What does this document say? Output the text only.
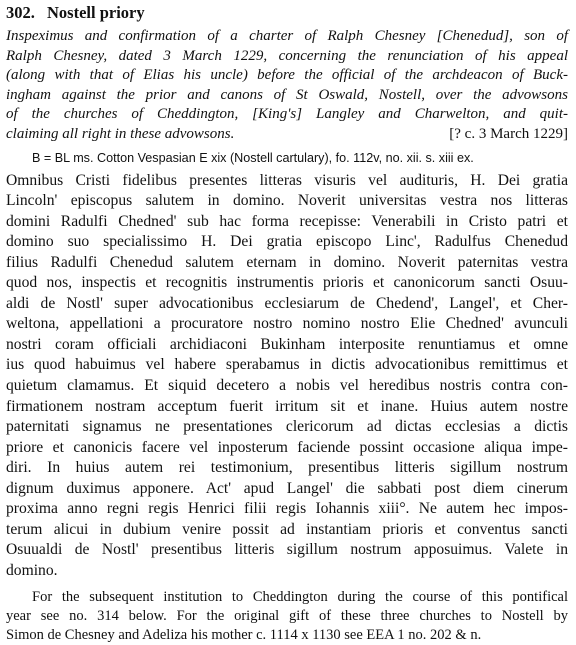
302. Nostell priory
Inspeximus and confirmation of a charter of Ralph Chesney [Chenedud], son of
Ralph Chesney, dated 3 March 1229, concerning the renunciation of his appeal
(along with that of Elias his uncle) before the official of the archdeacon of Buck-
ingham against the prior and canons of St Oswald, Nostell, over the advowsons
of the churches of Cheddington, [King's] Langley and Charwelton, and quit-
claiming all right in these advowsons.	[? c. 3 March 1229]
B = BL ms. Cotton Vespasian E xix (Nostell cartulary), fo. 112v, no. xii. s. xiii ex.
Omnibus Cristi fidelibus presentes litteras visuris vel audituris, H. Dei gratia
Lincoln' episcopus salutem in domino. Noverit universitas vestra nos litteras
domini Radulfi Chedned' sub hac forma recepisse: Venerabili in Cristo patri et
domino suo specialissimo H. Dei gratia episcopo Linc', Radulfus Chenedud
filius Radulfi Chenedud salutem eternam in domino. Noverit paternitas vestra
quod nos, inspectis et recognitis instrumentis prioris et canonicorum sancti Osuu-
aldi de Nostl' super advocationibus ecclesiarum de Chedend', Langel', et Cher-
weltona, appellationi a procuratore nostro nomino nostro Elie Chedned' avunculi
nostri coram officiali archidiaconi Bukinham interposite renuntiamus et omne
ius quod habuimus vel habere sperabamus in dictis advocationibus remittimus et
quietum clamamus. Et siquid decetero a nobis vel heredibus nostris contra con-
firmationem nostram acceptum fuerit irritum sit et inane. Huius autem nostre
paternitati signamus ne presentationes clericorum ad dictas ecclesias a dictis
priore et canonicis facere vel inposterum faciende possint occasione aliqua impe-
diri. In huius autem rei testimonium, presentibus litteris sigillum nostrum
dignum duximus apponere. Act' apud Langel' die sabbati post diem cinerum
proxima anno regni regis Henrici filii regis Iohannis xiii°. Ne autem hec impos-
terum alicui in dubium venire possit ad instantiam prioris et conventus sancti
Osuualdi de Nostl' presentibus litteris sigillum nostrum apposuimus. Valete in
domino.
For the subsequent institution to Cheddington during the course of this pontifical
year see no. 314 below. For the original gift of these three churches to Nostell by
Simon de Chesney and Adeliza his mother c. 1114 x 1130 see EEA 1 no. 202 & n.
